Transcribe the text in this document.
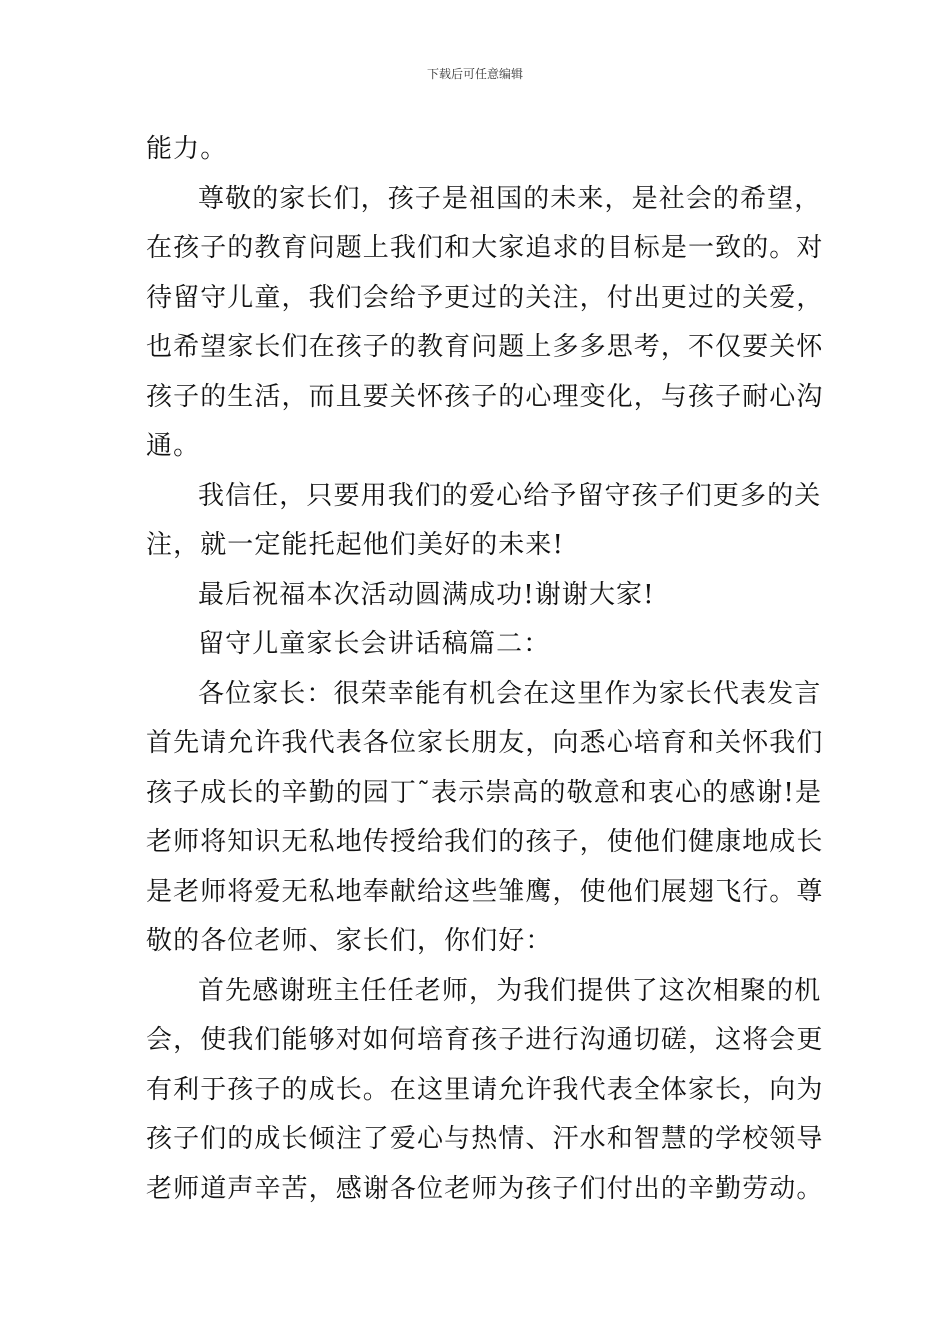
下载后可任意编辑
能力。
尊敬的家长们，孩子是祖国的未来，是社会的希望，
在孩子的教育问题上我们和大家追求的目标是一致的。对
待留守儿童，我们会给予更过的关注，付出更过的关爱，
也希望家长们在孩子的教育问题上多多思考，不仅要关怀
孩子的生活，而且要关怀孩子的心理变化，与孩子耐心沟
通。
我信任，只要用我们的爱心给予留守孩子们更多的关
注，就一定能托起他们美好的未来!
最后祝福本次活动圆满成功!谢谢大家!
留守儿童家长会讲话稿篇二：
各位家长：很荣幸能有机会在这里作为家长代表发言
首先请允许我代表各位家长朋友，向悉心培育和关怀我们
孩子成长的辛勤的园丁˜表示崇高的敬意和衷心的感谢!是
老师将知识无私地传授给我们的孩子，使他们健康地成长
是老师将爱无私地奉献给这些雏鹰，使他们展翅飞行。尊
敬的各位老师、家长们，你们好：
首先感谢班主任任老师，为我们提供了这次相聚的机
会，使我们能够对如何培育孩子进行沟通切磋，这将会更
有利于孩子的成长。在这里请允许我代表全体家长，向为
孩子们的成长倾注了爱心与热情、汗水和智慧的学校领导
老师道声辛苦，感谢各位老师为孩子们付出的辛勤劳动。
